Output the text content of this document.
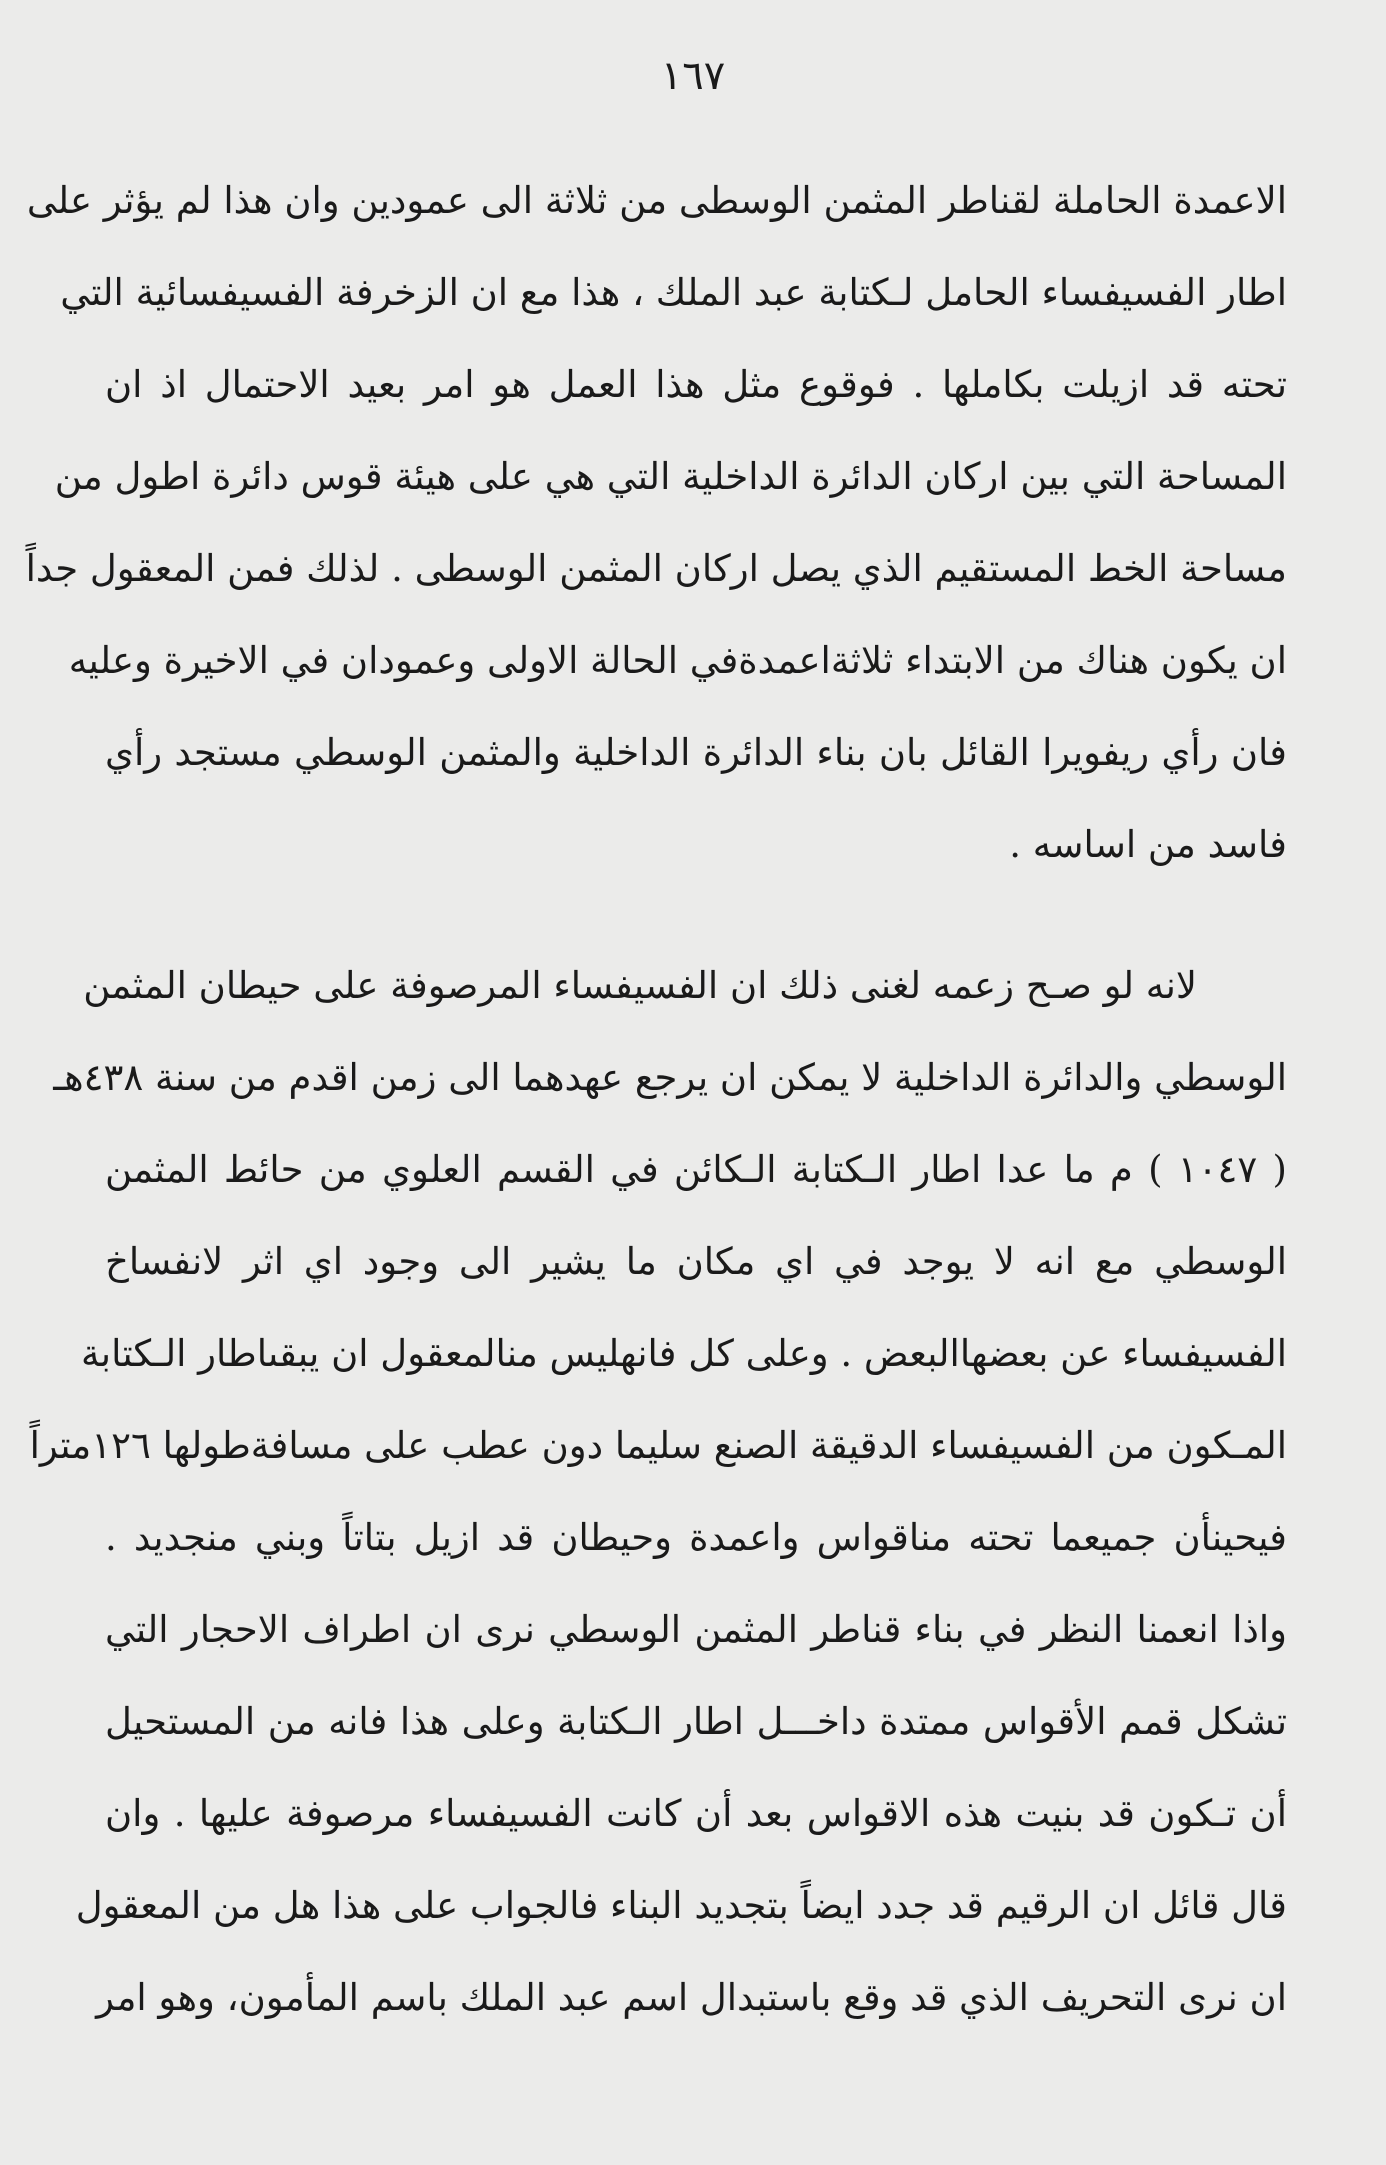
١٦٧
الاعمدة الحاملة لقناطر المثمن الوسطى من ثلاثة الى عمودين وان هذا لم يؤثر على
اطار الفسيفساء الحامل لـكتابة عبد الملك ، هذا مع ان الزخرفة الفسيفسائية التي
تحته قد ازيلت بكاملها . فوقوع مثل هذا العمل هو امر بعيد الاحتمال اذ ان
المساحة التي بين اركان الدائرة الداخلية التي هي على هيئة قوس دائرة اطول من
مساحة الخط المستقيم الذي يصل اركان المثمن الوسطى . لذلك فمن المعقول جداً
ان يكون هناك من الابتداء ثلاثةاعمدةفي الحالة الاولى وعمودان في الاخيرة وعليه
فان رأي ريفويرا القائل بان بناء الدائرة الداخلية والمثمن الوسطي مستجد رأي
فاسد من اساسه .
لانه لو صـح زعمه لغنى ذلك ان الفسيفساء المرصوفة على حيطان المثمن
الوسطي والدائرة الداخلية لا يمكن ان يرجع عهدهما الى زمن اقدم من سنة ٤٣٨هـ
( ١٠٤٧ ) م ما عدا اطار الـكتابة الـكائن في القسم العلوي من حائط المثمن
الوسطي مع انه لا يوجد في اي مكان ما يشير الى وجود اي اثر لانفساخ
الفسيفساء عن بعضهاالبعض . وعلى كل فانهليس منالمعقول ان يبقىاطار الـكتابة
المـكون من الفسيفساء الدقيقة الصنع سليما دون عطب على مسافةطولها ١٢٦متراً
فيحينأن جميعما تحته مناقواس واعمدة وحيطان قد ازيل بتاتاً وبني منجديد .
واذا انعمنا النظر في بناء قناطر المثمن الوسطي نرى ان اطراف الاحجار التي
تشكل قمم الأقواس ممتدة داخـــل اطار الـكتابة وعلى هذا فانه من المستحيل
أن تـكون قد بنيت هذه الاقواس بعد أن كانت الفسيفساء مرصوفة عليها . وان
قال قائل ان الرقيم قد جدد ايضاً بتجديد البناء فالجواب على هذا هل من المعقول
ان نرى التحريف الذي قد وقع باستبدال اسم عبد الملك باسم المأمون، وهو امر
